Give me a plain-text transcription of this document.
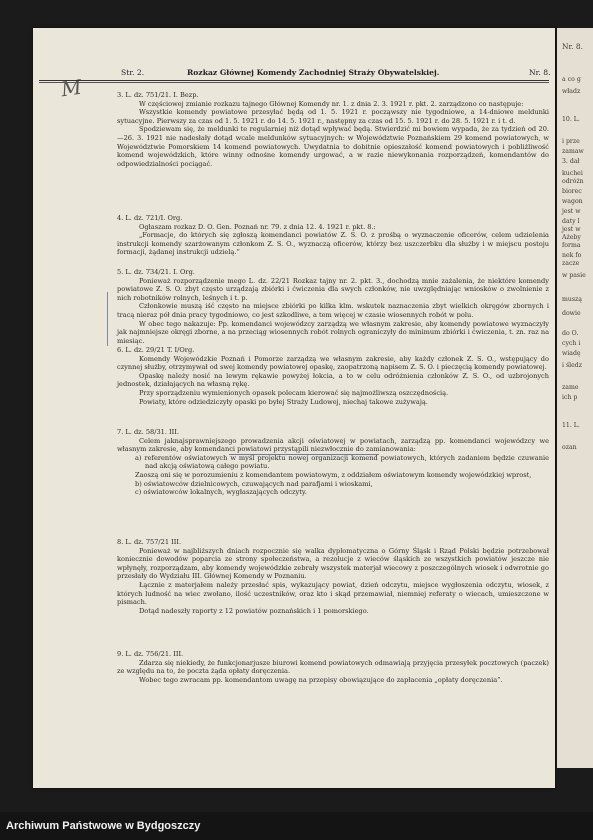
M
Str. 2.	Rozkaz Głównej Komendy Zachodniej Straży Obywatelskiej.	Nr. 8.

3. L. dz. 751/21. I. Bezp.

W częściowej zmianie rozkazu tajnego Głównej Komendy nr. 1. z dnia 2. 3. 1921 r. pkt. 2. zarządzono co następuje:

Wszystkie komendy powiatowe przesyłać będą od 1. 5. 1921 r. począwszy nie tygodniowe, a 14-dniowe meldunki sytuacyjne. Pierwszy za czas od 1. 5. 1921 r. do 14. 5. 1921 r., następny za czas od 15. 5. 1921 r. do 28. 5. 1921 r. i t. d.

Spodziewam się, że meldunki te regularniej niż dotąd wpływać będą. Stwierdzić mi bowiem wypada, że za tydzień od 20.—26. 3. 1921 nie nadesłały dotąd wcale meldunków sytuacyjnych: w Województwie Poznańskiem 29 komend powiatowych, w Województwie Pomorskiem 14 komend powiatowych. Uwydatnia to dobitnie opieszałość komend powiatowych i pobliżliwość komend wojewódzkich, które winny odnośne komendy urgować, a w razie niewykonania rozporządzeń, komendantów do odpowiedzialności pociągać.

4. L. dz. 721/I. Org.

Ogłaszam rozkaz D. O. Gen. Poznań nr. 79. z dnia 12. 4. 1921 r. pkt. 8.:

„Formacje, do których się zgłoszą komendanci powiatów Z. S. O. z prośbą o wyznaczenie oficerów, celem udzielenia instrukcji komendy szarżowanym członkom Z. S. O., wyznaczą oficerów, którzy bez uszczerbku dla służby i w miejscu postoju formacji, żądanej instrukcji udzielą.”

5. L. dz. 734/21. I. Org.

Ponieważ rozporządzenie mego L. dz. 22/21 Rozkaz tajny nr. 2. pkt. 3., dochodzą mnie zażalenia, że niektóre komendy powiatowe Z. S. O. zbyt często urządzają zbiórki i ćwiczenia dla swych członków, nie uwzględniając wniosków o zwolnienie z nich robotników rolnych, leśnych i t. p.

Członkowie muszą iść często na miejsce zbiórki po kilka klm. wskutek naznaczenia zbyt wielkich okręgów zbornych i tracą nieraz pół dnia pracy tygodniowo, co jest szkodliwe, a tem więcej w czasie wiosennych robót w polu.

W obec tego nakazuje: Pp. komendanci wojewódzcy zarządzą we własnym zakresie, aby komendy powiatowe wyznaczyły jak najmniejsze okręgi zborne, a na przeciąg wiosennych robót rolnych ograniczyły do minimum zbiórki i ćwiczenia, t. zn. raz na miesiąc.

6. L. dz. 29/21 T. I/Org.

Komendy Wojewódzkie Poznań i Pomorze zarządzą we własnym zakresie, aby każdy członek Z. S. O., wstępujący do czynnej służby, otrzymywał od swej komendy powiatowej opaskę, zaopatrzoną napisem Z. S. O. i pieczęcią komendy powiatowej.

Opaskę należy nosić na lewym rękawie powyżej łokcia, a to w celu odróżnienia członków Z. S. O., od uzbrojonych jednostek, działających na własną rękę.

Przy sporządzeniu wymienionych opasek polecam kierować się najmożliwszą oszczędnością.

Powiaty, które odziedziczyły opaski po byłej Straży Ludowej, niechaj takowe zużywają.

7. L. dz. 58/31. III.

Celem jaknajsprawniejszego prowadzenia akcji oświatowej w powiatach, zarządzą pp. komendanci wojewódzcy we własnym zakresie, aby komendanci powiatowi przystąpili niezwłocznie do zamianowania:

a) referentów oświatowych w myśl projektu nowej organizacji komend powiatowych, których zadaniem będzie czuwanie nad akcją oświatową całego powiatu.

Zaoszą oni się w porozumieniu z komendantem powiatowym, z oddziałem oświatowym komendy wojewódzkiej wprost,

b) oświatowców dzielnicowych, czuwających nad parafjami i wioskami,

c) oświatowców lokalnych, wygłaszających odczyty.

8. L. dz. 757/21 III.

Ponieważ w najbliższych dniach rozpocznie się walka dyplomatyczna o Górny Śląsk i Rząd Polski będzie potrzebował koniecznie dowodów poparcia ze strony społeczeństwa, a rezolucje z wieców śląskich ze wszystkich powiatów jeszcze nie wpłynęły, rozporządzam, aby komendy wojewódzkie zebrały wszystek materjał wiecowy z poszczególnych wiosek i odwrotnie go przesłały do Wydziału III. Głównej Komendy w Poznaniu.

Łącznie z materjałem należy przesłać spis, wykazujący powiat, dzień odczytu, miejsce wygłoszenia odczytu, wiosek, z których ludność na wiec zwołano, ilość uczestników, oraz kto i skąd przemawiał, niemniej referaty o wiecach, umieszczone w pismach.

Dotąd nadeszły raporty z 12 powiatów poznańskich i 1 pomorskiego.

9. L. dz. 756/21. III.

Zdarza się niekiedy, że funkcjonarjusze biurowi komend powiatowych odmawiają przyjęcia przesyłek pocztowych (paczek) ze względu na to, że poczta żąda opłaty doręczenia.

Wobec tego zwracam pp. komendantom uwagę na przepisy obowiązujące do zapłacenia „opłaty doręczenia”.

Nr. 8.
a co g
władz
10. L.
i prze
zamaw
3. dał
kuchei
odróżn
biorec
wagon
jest w
daty l
jest w
Ażeby
forma
nek fo
zacze
w pasie
muszą
dowie
do O.
cych i
wiadę
i śledz
zame
ich p
11. L.
ozan
Archiwum Państwowe w Bydgoszczy
